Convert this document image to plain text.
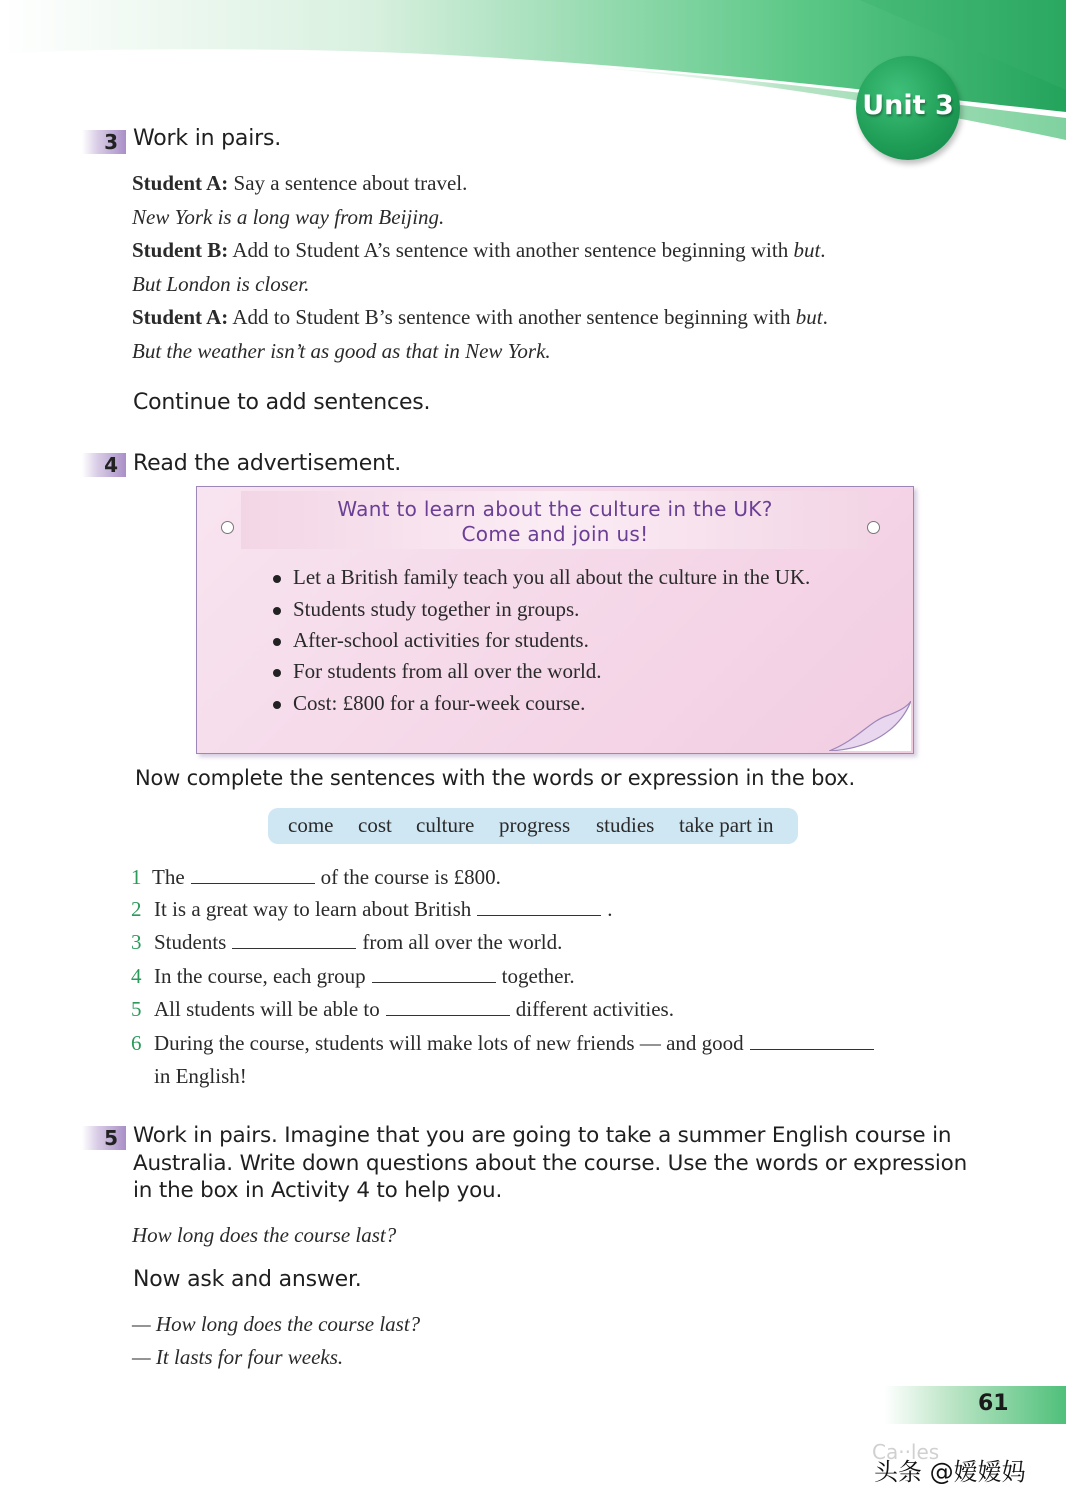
Unit 3
3 Work in pairs.
Student A: Say a sentence about travel.
New York is a long way from Beijing.
Student B: Add to Student A’s sentence with another sentence beginning with but.
But London is closer.
Student A: Add to Student B’s sentence with another sentence beginning with but.
But the weather isn’t as good as that in New York.
Continue to add sentences.
4 Read the advertisement.
Want to learn about the culture in the UK?
Come and join us!
Let a British family teach you all about the culture in the UK.
Students study together in groups.
After-school activities for students.
For students from all over the world.
Cost: £800 for a four-week course.
Now complete the sentences with the words or expression in the box.
come cost culture progress studies take part in
1 The	of the course is £800.
2 It is a great way to learn about British	.
3 Students	from all over the world.
4 In the course, each group	together.
5 All students will be able to	different activities.
6 During the course, students will make lots of new friends — and good
in English!
5 Work in pairs. Imagine that you are going to take a summer English course in
Australia. Write down questions about the course. Use the words or expression
in the box in Activity 4 to help you.
How long does the course last?
Now ask and answer.
— How long does the course last?
— It lasts for four weeks.
61
Ca··les
头条 @嫒嫒妈
